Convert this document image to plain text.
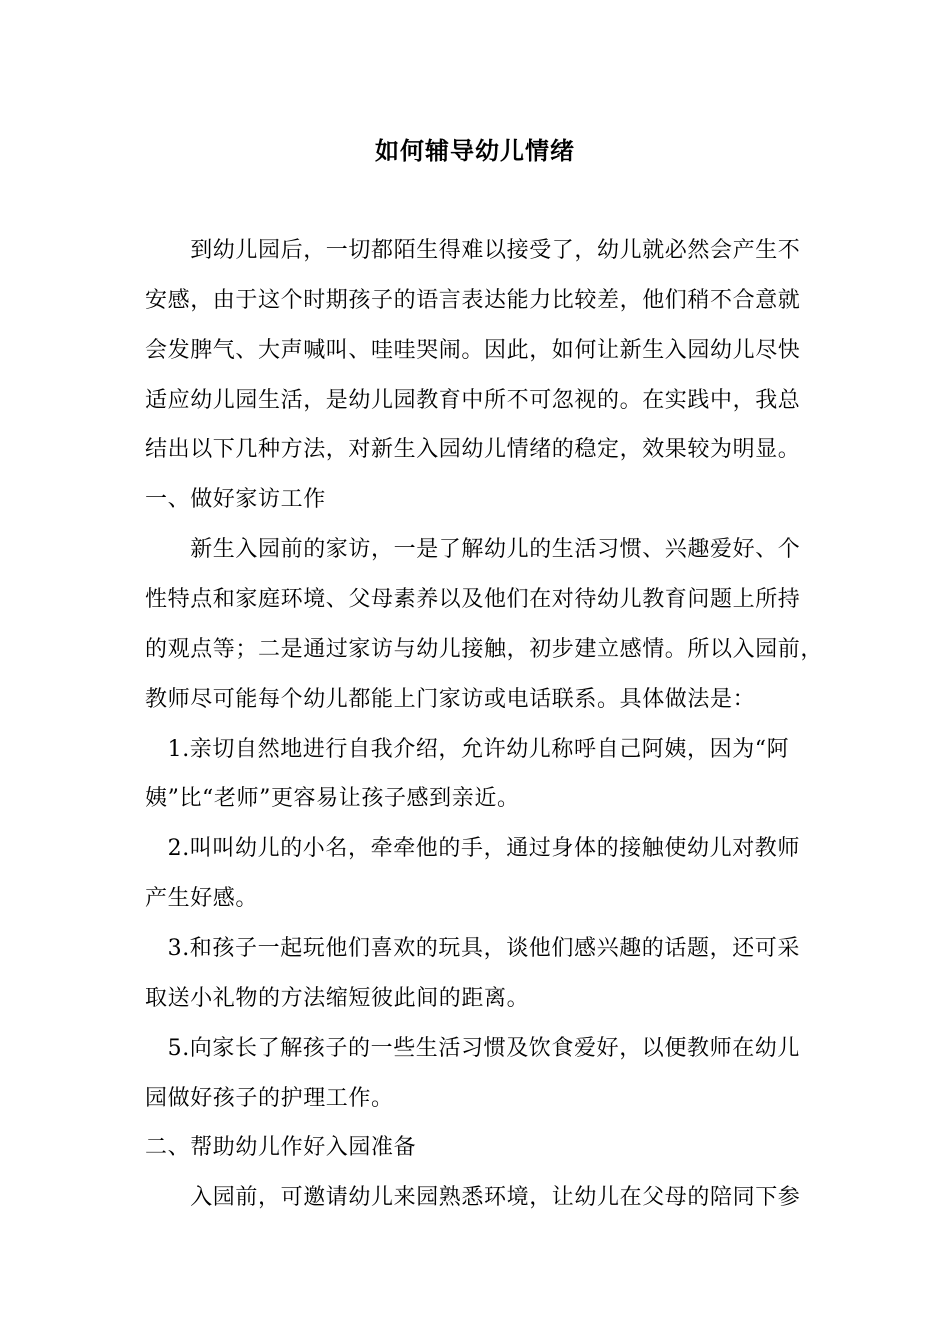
如何辅导幼儿情绪
　　到幼儿园后，一切都陌生得难以接受了，幼儿就必然会产生不
安感，由于这个时期孩子的语言表达能力比较差，他们稍不合意就
会发脾气、大声喊叫、哇哇哭闹。因此，如何让新生入园幼儿尽快
适应幼儿园生活，是幼儿园教育中所不可忽视的。在实践中，我总
结出以下几种方法，对新生入园幼儿情绪的稳定，效果较为明显。
一、做好家访工作
　　新生入园前的家访，一是了解幼儿的生活习惯、兴趣爱好、个
性特点和家庭环境、父母素养以及他们在对待幼儿教育问题上所持
的观点等；二是通过家访与幼儿接触，初步建立感情。所以入园前，
教师尽可能每个幼儿都能上门家访或电话联系。具体做法是：
　1.亲切自然地进行自我介绍，允许幼儿称呼自己阿姨，因为“阿
姨”比“老师”更容易让孩子感到亲近。
　2.叫叫幼儿的小名，牵牵他的手，通过身体的接触使幼儿对教师
产生好感。
　3.和孩子一起玩他们喜欢的玩具，谈他们感兴趣的话题，还可采
取送小礼物的方法缩短彼此间的距离。
　5.向家长了解孩子的一些生活习惯及饮食爱好，以便教师在幼儿
园做好孩子的护理工作。
二、帮助幼儿作好入园准备
　　入园前，可邀请幼儿来园熟悉环境，让幼儿在父母的陪同下参
